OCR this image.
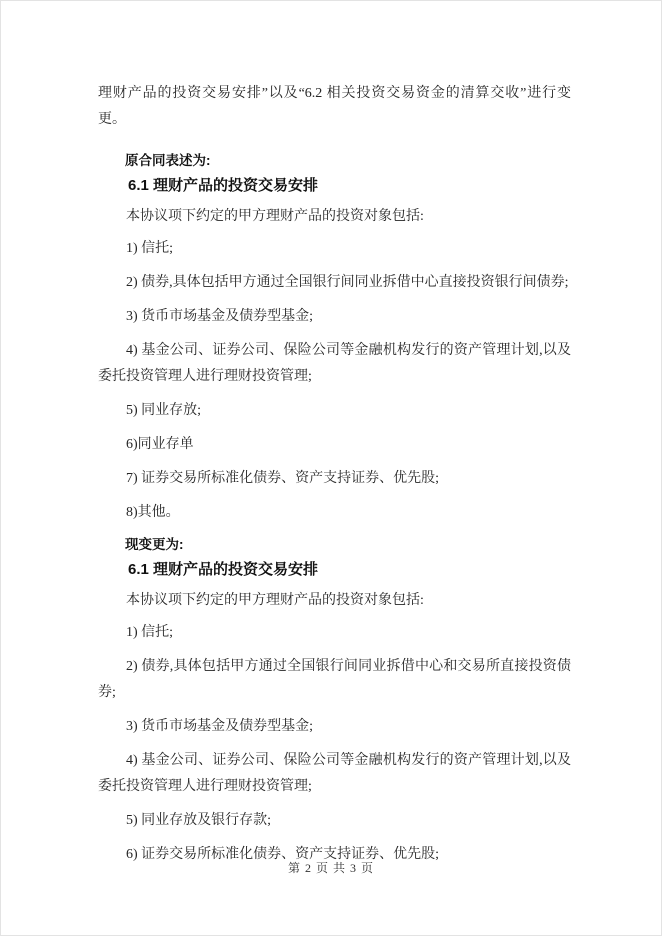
理财产品的投资交易安排”以及“6.2 相关投资交易资金的清算交收”进行变更。

原合同表述为:

6.1 理财产品的投资交易安排

本协议项下约定的甲方理财产品的投资对象包括:

1) 信托;

2) 债券,具体包括甲方通过全国银行间同业拆借中心直接投资银行间债券;

3) 货币市场基金及债券型基金;

4) 基金公司、证券公司、保险公司等金融机构发行的资产管理计划,以及委托投资管理人进行理财投资管理;

5) 同业存放;

6)同业存单

7) 证券交易所标准化债券、资产支持证券、优先股;

8)其他。

现变更为:

6.1 理财产品的投资交易安排

本协议项下约定的甲方理财产品的投资对象包括:

1) 信托;

2) 债券,具体包括甲方通过全国银行间同业拆借中心和交易所直接投资债券;

3) 货币市场基金及债券型基金;

4) 基金公司、证券公司、保险公司等金融机构发行的资产管理计划,以及委托投资管理人进行理财投资管理;

5) 同业存放及银行存款;

6) 证券交易所标准化债券、资产支持证券、优先股;

第 2 页 共 3 页
